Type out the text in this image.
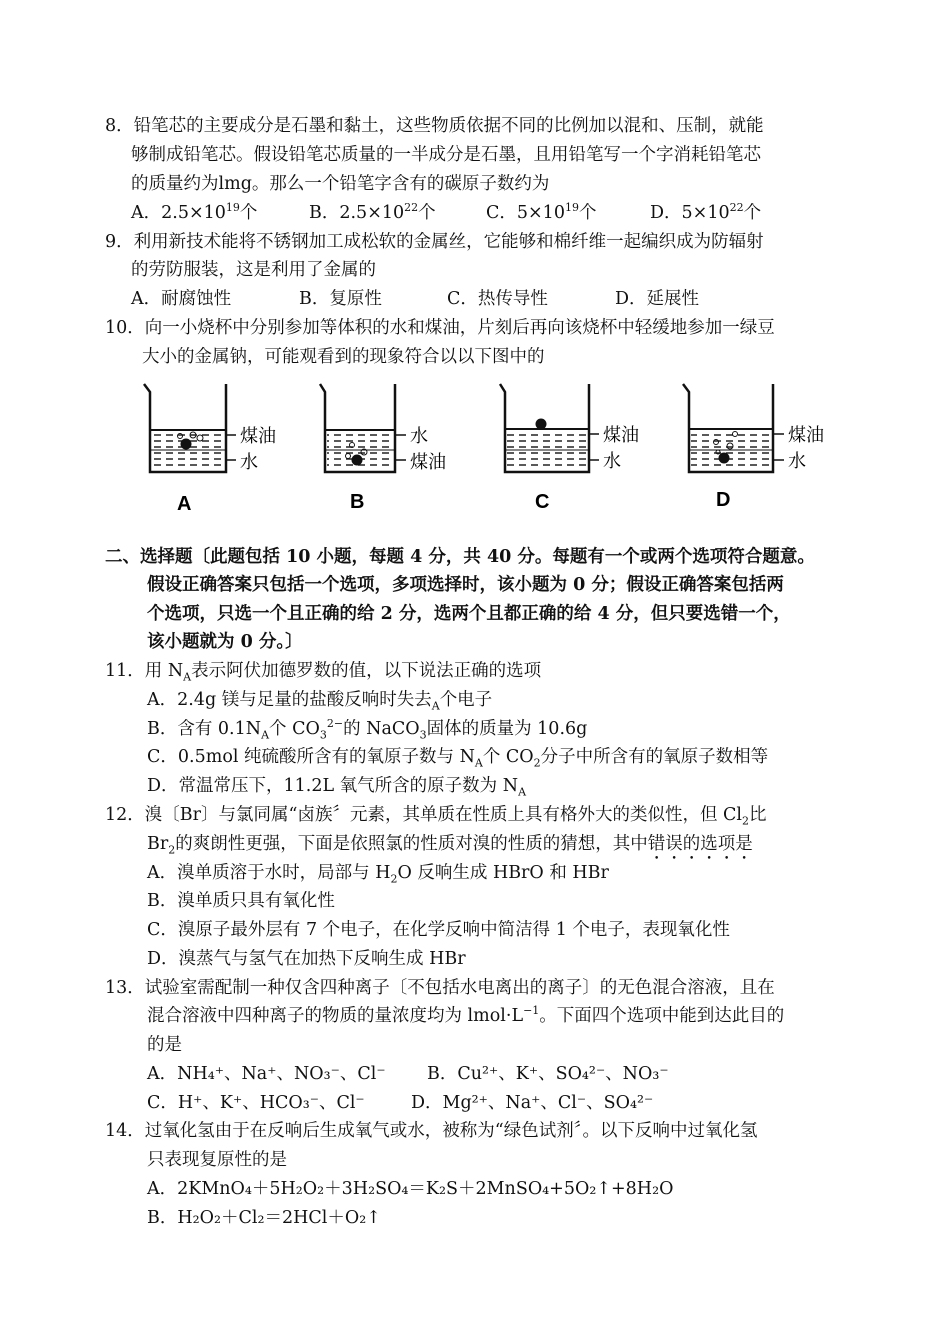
8．铅笔芯的主要成分是石墨和黏土，这些物质依据不同的比例加以混和、压制，就能
够制成铅笔芯。假设铅笔芯质量的一半成分是石墨，且用铅笔写一个字消耗铅笔芯
的质量约为lmg。那么一个铅笔字含有的碳原子数约为
A．$2.5\times 10^{19}$个	B．$2.5\times 10^{22}$个	C．$5\times 10^{19}$个	D．$5\times 10^{22}$个
9．利用新技术能将不锈钢加工成松软的金属丝，它能够和棉纤维一起编织成为防辐射
的劳防服装，这是利用了金属的
A．耐腐蚀性	B．复原性	C．热传导性	D．延展性
10．向一小烧杯中分别参加等体积的水和煤油，片刻后再向该烧杯中轻缓地参加一绿豆
大小的金属钠，可能观看到的现象符合以以下图中的
煤油
水
A
水
煤油
B
煤油
水
C
煤油
水
D
二、选择题〔此题包括 10 小题，每题 4 分，共 40 分。每题有一个或两个选项符合题意。
假设正确答案只包括一个选项，多项选择时，该小题为 0 分；假设正确答案包括两
个选项，只选一个且正确的给 2 分，选两个且都正确的给 4 分，但只要选错一个，
该小题就为 0 分。〕
11．用 $N_A$表示阿伏加德罗数的值，以下说法正确的选项
A．2.4g 镁与足量的盐酸反响时失去$_A$个电子
B．含有 $0.1N_A$个 $CO_3^{2-}$的 NaCO$_3$固体的质量为 10.6g
C．0.5mol 纯硫酸所含有的氧原子数与 $N_A$个 $CO_2$分子中所含有的氧原子数相等
D．常温常压下，11.2L 氧气所含的原子数为 $N_A$
12．溴〔Br〕与氯同属“卤族〞元素，其单质在性质上具有格外大的类似性，但 $Cl_2$比
$Br_2$的爽朗性更强，下面是依照氯的性质对溴的性质的猜想，其中错误的选项是
A．溴单质溶于水时，局部与 $H_2O$ 反响生成 HBrO 和 HBr
B．溴单质只具有氧化性
C．溴原子最外层有 7 个电子，在化学反响中简洁得 1 个电子，表现氧化性
D．溴蒸气与氢气在加热下反响生成 HBr
13．试验室需配制一种仅含四种离子〔不包括水电离出的离子〕的无色混合溶液，且在
混合溶液中四种离子的物质的量浓度均为 $lmol\cdot L^{-1}$。下面四个选项中能到达此目的
的是
A．NH₄⁺、Na⁺、NO₃⁻、Cl⁻ B．Cu²⁺、K⁺、SO₄²⁻、NO₃⁻
C．H⁺、K⁺、HCO₃⁻、Cl⁻	D．Mg²⁺、Na⁺、Cl⁻、SO₄²⁻
14．过氧化氢由于在反响后生成氧气或水，被称为“绿色试剂〞。以下反响中过氧化氢
只表现复原性的是
A．2KMnO₄＋5H₂O₂＋3H₂SO₄＝K₂S＋2MnSO₄+5O₂↑+8H₂O
B．H₂O₂＋Cl₂＝2HCl＋O₂↑
